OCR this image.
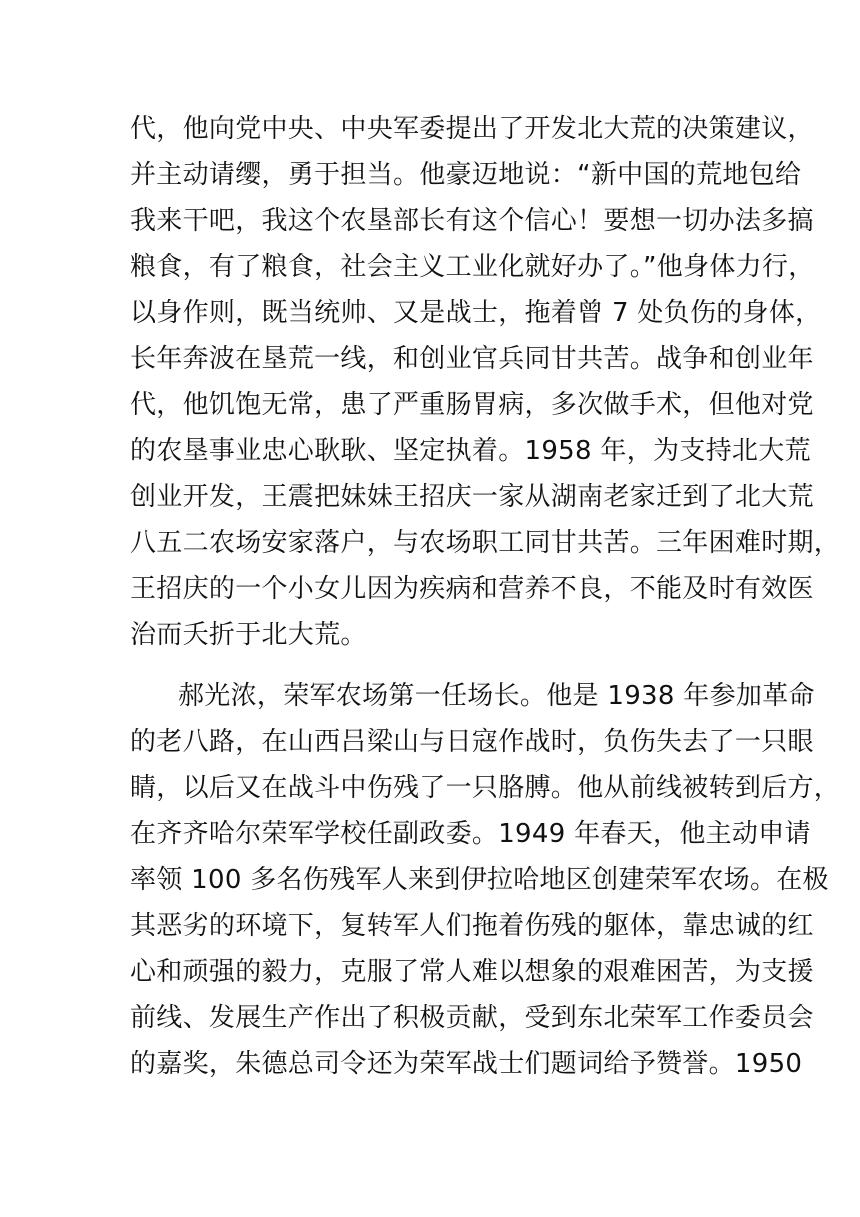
代，他向党中央、中央军委提出了开发北大荒的决策建议，
并主动请缨，勇于担当。他豪迈地说：“新中国的荒地包给
我来干吧，我这个农垦部长有这个信心！要想一切办法多搞
粮食，有了粮食，社会主义工业化就好办了。”他身体力行，
以身作则，既当统帅、又是战士，拖着曾 7 处负伤的身体，
长年奔波在垦荒一线，和创业官兵同甘共苦。战争和创业年
代，他饥饱无常，患了严重肠胃病，多次做手术，但他对党
的农垦事业忠心耿耿、坚定执着。1958 年，为支持北大荒
创业开发，王震把妹妹王招庆一家从湖南老家迁到了北大荒
八五二农场安家落户，与农场职工同甘共苦。三年困难时期，
王招庆的一个小女儿因为疾病和营养不良，不能及时有效医
治而夭折于北大荒。
郝光浓，荣军农场第一任场长。他是 1938 年参加革命
的老八路，在山西吕梁山与日寇作战时，负伤失去了一只眼
睛，以后又在战斗中伤残了一只胳膊。他从前线被转到后方，
在齐齐哈尔荣军学校任副政委。1949 年春天，他主动申请
率领 100 多名伤残军人来到伊拉哈地区创建荣军农场。在极
其恶劣的环境下，复转军人们拖着伤残的躯体，靠忠诚的红
心和顽强的毅力，克服了常人难以想象的艰难困苦，为支援
前线、发展生产作出了积极贡献，受到东北荣军工作委员会
的嘉奖，朱德总司令还为荣军战士们题词给予赞誉。1950
